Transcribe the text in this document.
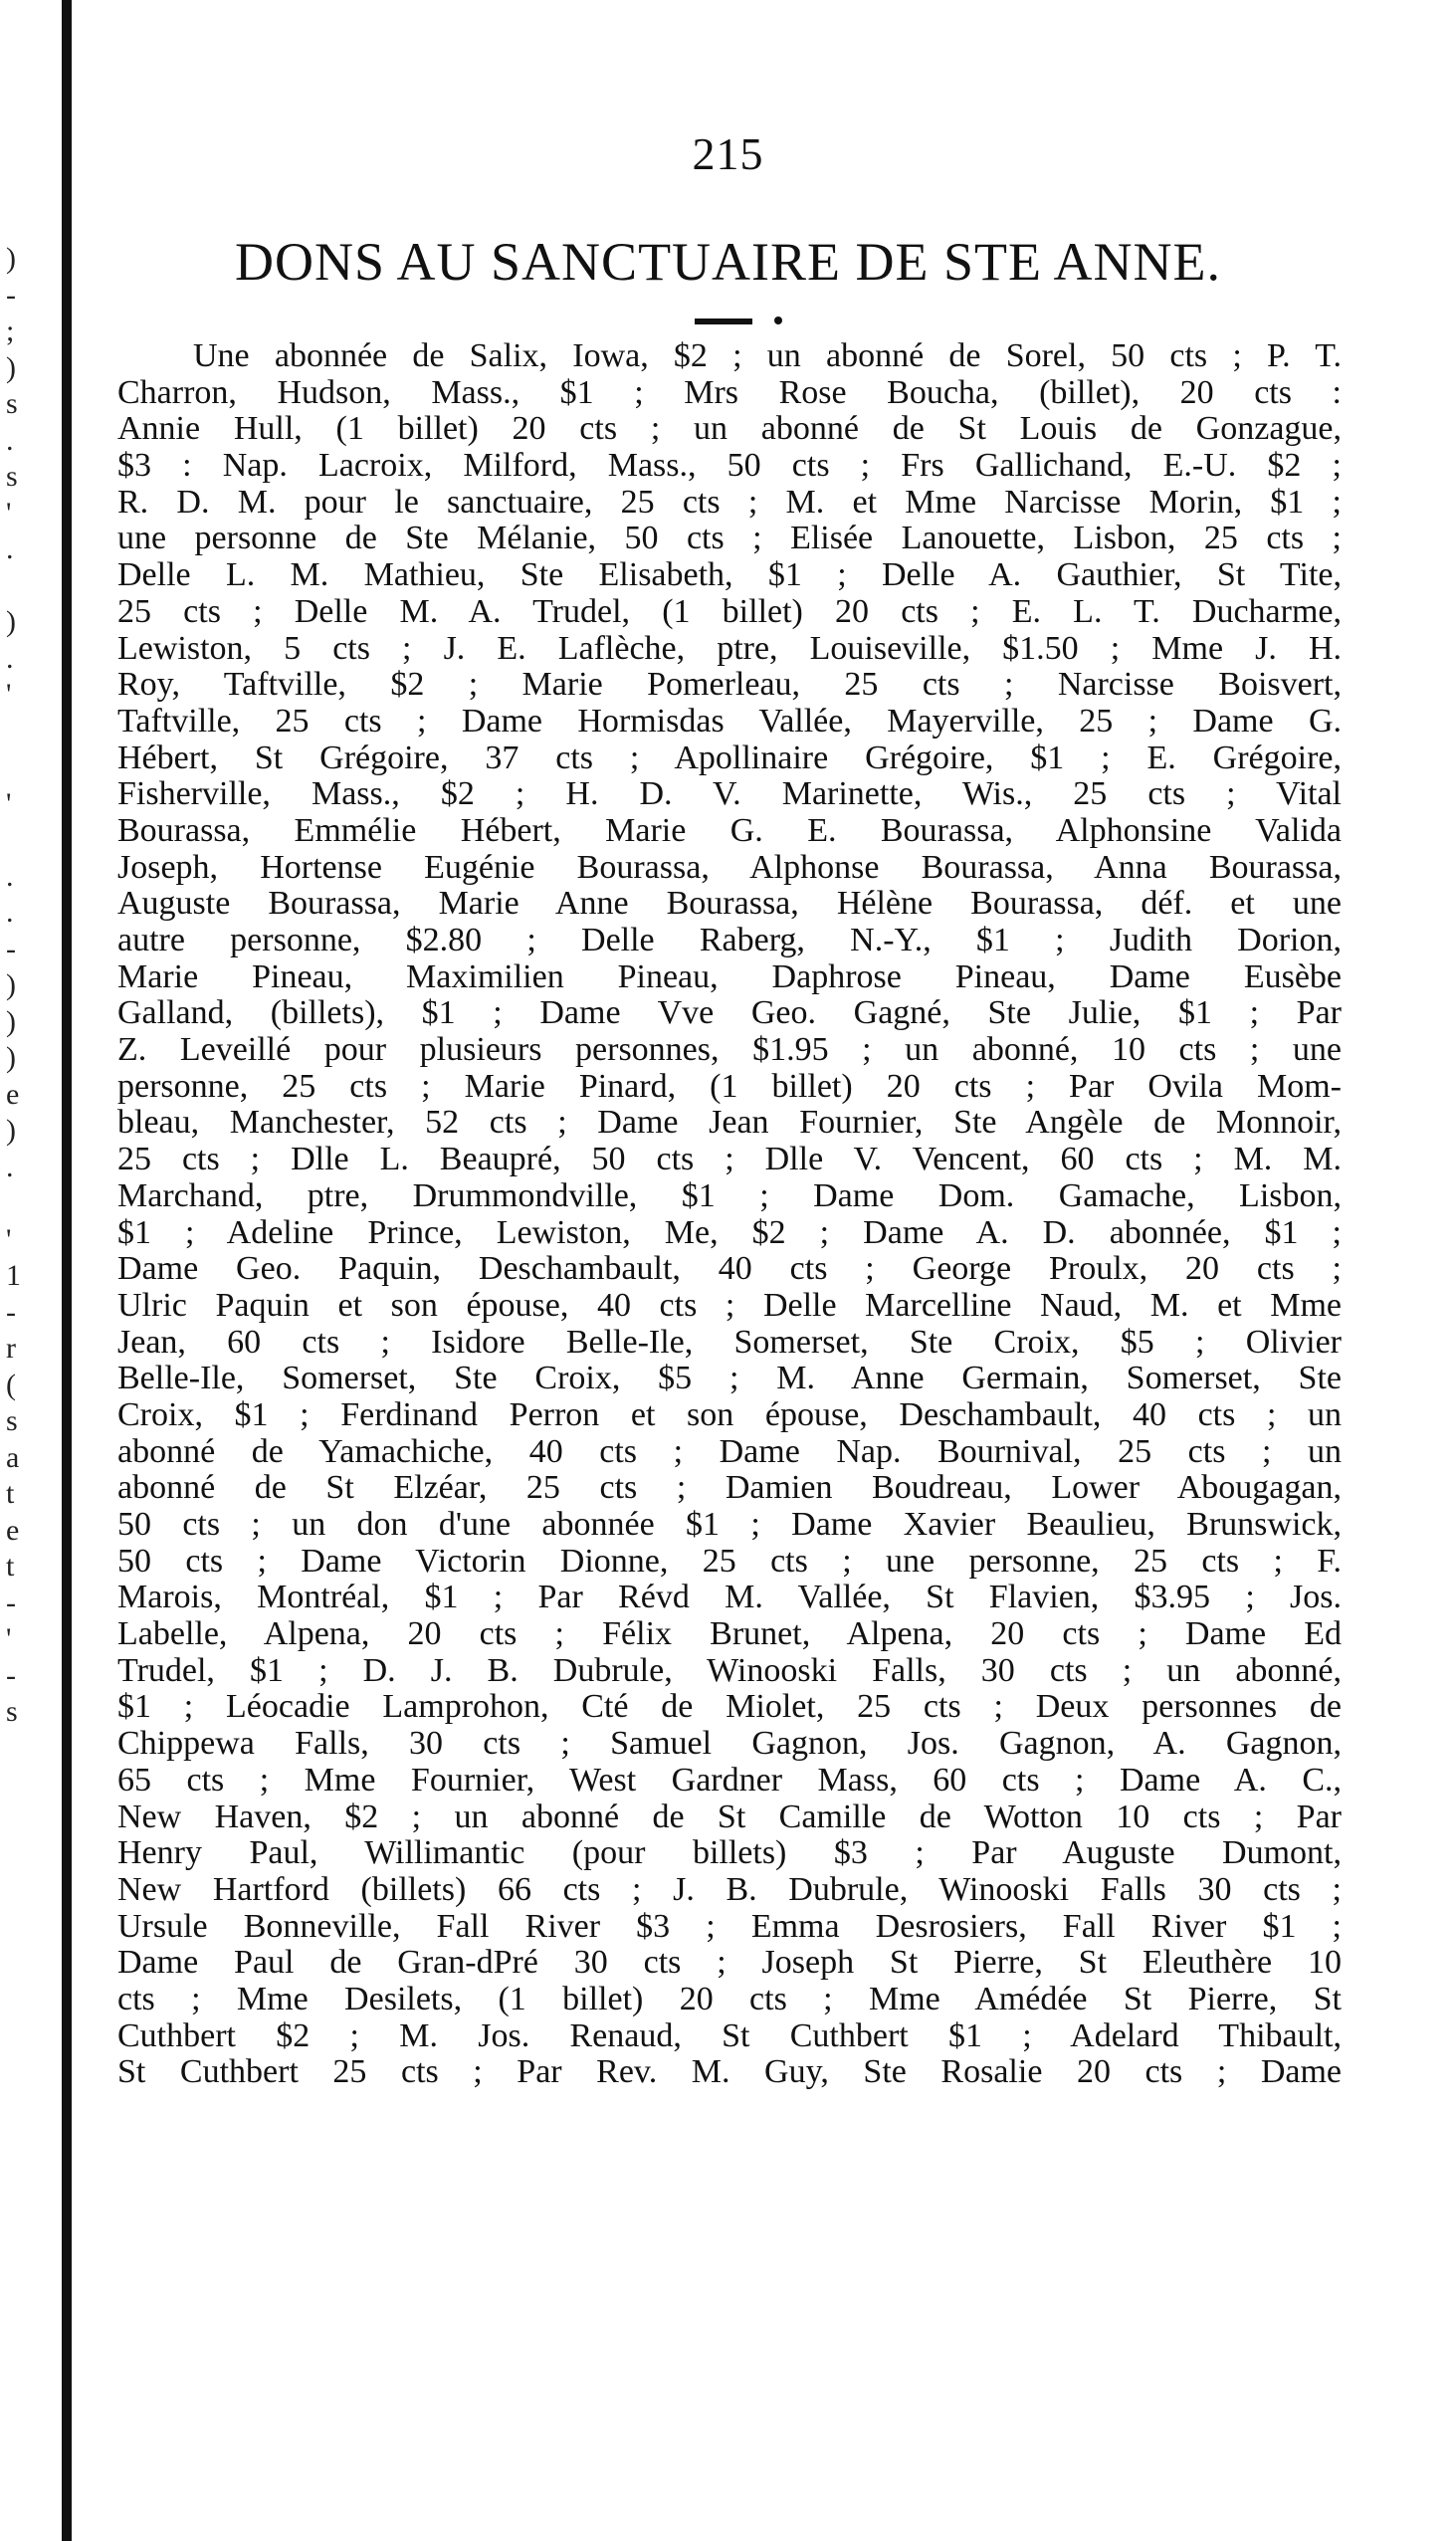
)
-
;
)
s
.
s
'
.
)
.
'
'
.
.
-
)
)
)
e
)
.
'
1
-
r
(
s
a
t
e
t
-
'
-
s
215
DONS AU SANCTUAIRE DE STE ANNE.
Une abonnée de Salix, Iowa, $2 ; un abonné de Sorel, 50 cts ; P. T.
Charron, Hudson, Mass., $1 ; Mrs Rose Boucha, (billet), 20 cts :
Annie Hull, (1 billet) 20 cts ; un abonné de St Louis de Gonzague,
$3 : Nap. Lacroix, Milford, Mass., 50 cts ; Frs Gallichand, E.-U. $2 ;
R. D. M. pour le sanctuaire, 25 cts ; M. et Mme Narcisse Morin, $1 ;
une personne de Ste Mélanie, 50 cts ; Elisée Lanouette, Lisbon, 25 cts ;
Delle L. M. Mathieu, Ste Elisabeth, $1 ; Delle A. Gauthier, St Tite,
25 cts ; Delle M. A. Trudel, (1 billet) 20 cts ; E. L. T. Ducharme,
Lewiston, 5 cts ; J. E. Laflèche, ptre, Louiseville, $1.50 ; Mme J. H.
Roy, Taftville, $2 ; Marie Pomerleau, 25 cts ; Narcisse Boisvert,
Taftville, 25 cts ; Dame Hormisdas Vallée, Mayerville, 25 ; Dame G.
Hébert, St Grégoire, 37 cts ; Apollinaire Grégoire, $1 ; E. Grégoire,
Fisherville, Mass., $2 ; H. D. V. Marinette, Wis., 25 cts ; Vital
Bourassa, Emmélie Hébert, Marie G. E. Bourassa, Alphonsine Valida
Joseph, Hortense Eugénie Bourassa, Alphonse Bourassa, Anna Bourassa,
Auguste Bourassa, Marie Anne Bourassa, Hélène Bourassa, déf. et une
autre personne, $2.80 ; Delle Raberg, N.-Y., $1 ; Judith Dorion,
Marie Pineau, Maximilien Pineau, Daphrose Pineau, Dame Eusèbe
Galland, (billets), $1 ; Dame Vve Geo. Gagné, Ste Julie, $1 ; Par
Z. Leveillé pour plusieurs personnes, $1.95 ; un abonné, 10 cts ; une
personne, 25 cts ; Marie Pinard, (1 billet) 20 cts ; Par Ovila Mom-
bleau, Manchester, 52 cts ; Dame Jean Fournier, Ste Angèle de Monnoir,
25 cts ; Dlle L. Beaupré, 50 cts ; Dlle V. Vencent, 60 cts ; M. M.
Marchand, ptre, Drummondville, $1 ; Dame Dom. Gamache, Lisbon,
$1 ; Adeline Prince, Lewiston, Me, $2 ; Dame A. D. abonnée, $1 ;
Dame Geo. Paquin, Deschambault, 40 cts ; George Proulx, 20 cts ;
Ulric Paquin et son épouse, 40 cts ; Delle Marcelline Naud, M. et Mme
Jean, 60 cts ; Isidore Belle-Ile, Somerset, Ste Croix, $5 ; Olivier
Belle-Ile, Somerset, Ste Croix, $5 ; M. Anne Germain, Somerset, Ste
Croix, $1 ; Ferdinand Perron et son épouse, Deschambault, 40 cts ; un
abonné de Yamachiche, 40 cts ; Dame Nap. Bournival, 25 cts ; un
abonné de St Elzéar, 25 cts ; Damien Boudreau, Lower Abougagan,
50 cts ; un don d'une abonnée $1 ; Dame Xavier Beaulieu, Brunswick,
50 cts ; Dame Victorin Dionne, 25 cts ; une personne, 25 cts ; F.
Marois, Montréal, $1 ; Par Révd M. Vallée, St Flavien, $3.95 ; Jos.
Labelle, Alpena, 20 cts ; Félix Brunet, Alpena, 20 cts ; Dame Ed
Trudel, $1 ; D. J. B. Dubrule, Winooski Falls, 30 cts ; un abonné,
$1 ; Léocadie Lamprohon, Cté de Miolet, 25 cts ; Deux personnes de
Chippewa Falls, 30 cts ; Samuel Gagnon, Jos. Gagnon, A. Gagnon,
65 cts ; Mme Fournier, West Gardner Mass, 60 cts ; Dame A. C.,
New Haven, $2 ; un abonné de St Camille de Wotton 10 cts ; Par
Henry Paul, Willimantic (pour billets) $3 ; Par Auguste Dumont,
New Hartford (billets) 66 cts ; J. B. Dubrule, Winooski Falls 30 cts ;
Ursule Bonneville, Fall River $3 ; Emma Desrosiers, Fall River $1 ;
Dame Paul de Gran-dPré 30 cts ; Joseph St Pierre, St Eleuthère 10
cts ; Mme Desilets, (1 billet) 20 cts ; Mme Amédée St Pierre, St
Cuthbert $2 ; M. Jos. Renaud, St Cuthbert $1 ; Adelard Thibault,
St Cuthbert 25 cts ; Par Rev. M. Guy, Ste Rosalie 20 cts ; Dame
